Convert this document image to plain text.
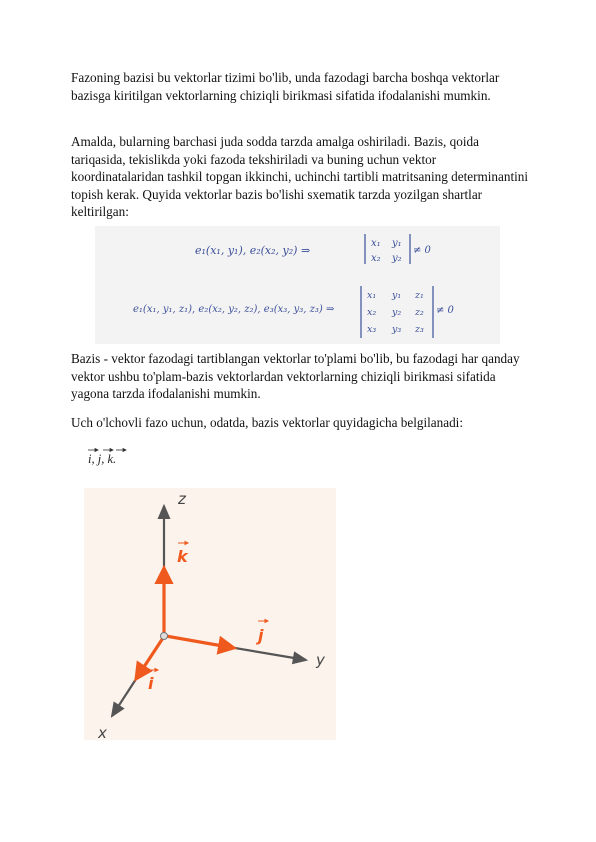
Fazoning bazisi bu vektorlar tizimi bo'lib, unda fazodagi barcha boshqa vektorlar bazisga kiritilgan vektorlarning chiziqli birikmasi sifatida ifodalanishi mumkin.

Amalda, bularning barchasi juda sodda tarzda amalga oshiriladi. Bazis, qoida tariqasida, tekislikda yoki fazoda tekshiriladi va buning uchun vektor koordinatalaridan tashkil topgan ikkinchi, uchinchi tartibli matritsaning determinantini topish kerak. Quyida vektorlar bazis bo'lishi sxematik tarzda yozilgan shartlar keltirilgan:

e₁(x₁, y₁), e₂(x₂, y₂) ⇒
x₁ y₁
x₂ y₂
≠ 0
e₁(x₁, y₁, z₁), e₂(x₂, y₂, z₂), e₃(x₃, y₃, z₃) ⇒
x₁ y₁ z₁
x₂ y₂ z₂
x₃ y₃ z₃
≠ 0

Bazis - vektor fazodagi tartiblangan vektorlar to'plami bo'lib, bu fazodagi har qanday vektor ushbu to'plam-bazis vektorlardan vektorlarning chiziqli birikmasi sifatida yagona tarzda ifodalanishi mumkin.

Uch o'lchovli fazo uchun, odatda, bazis vektorlar quyidagicha belgilanadi:

i, j, k.
z
y
x
k
j
i
